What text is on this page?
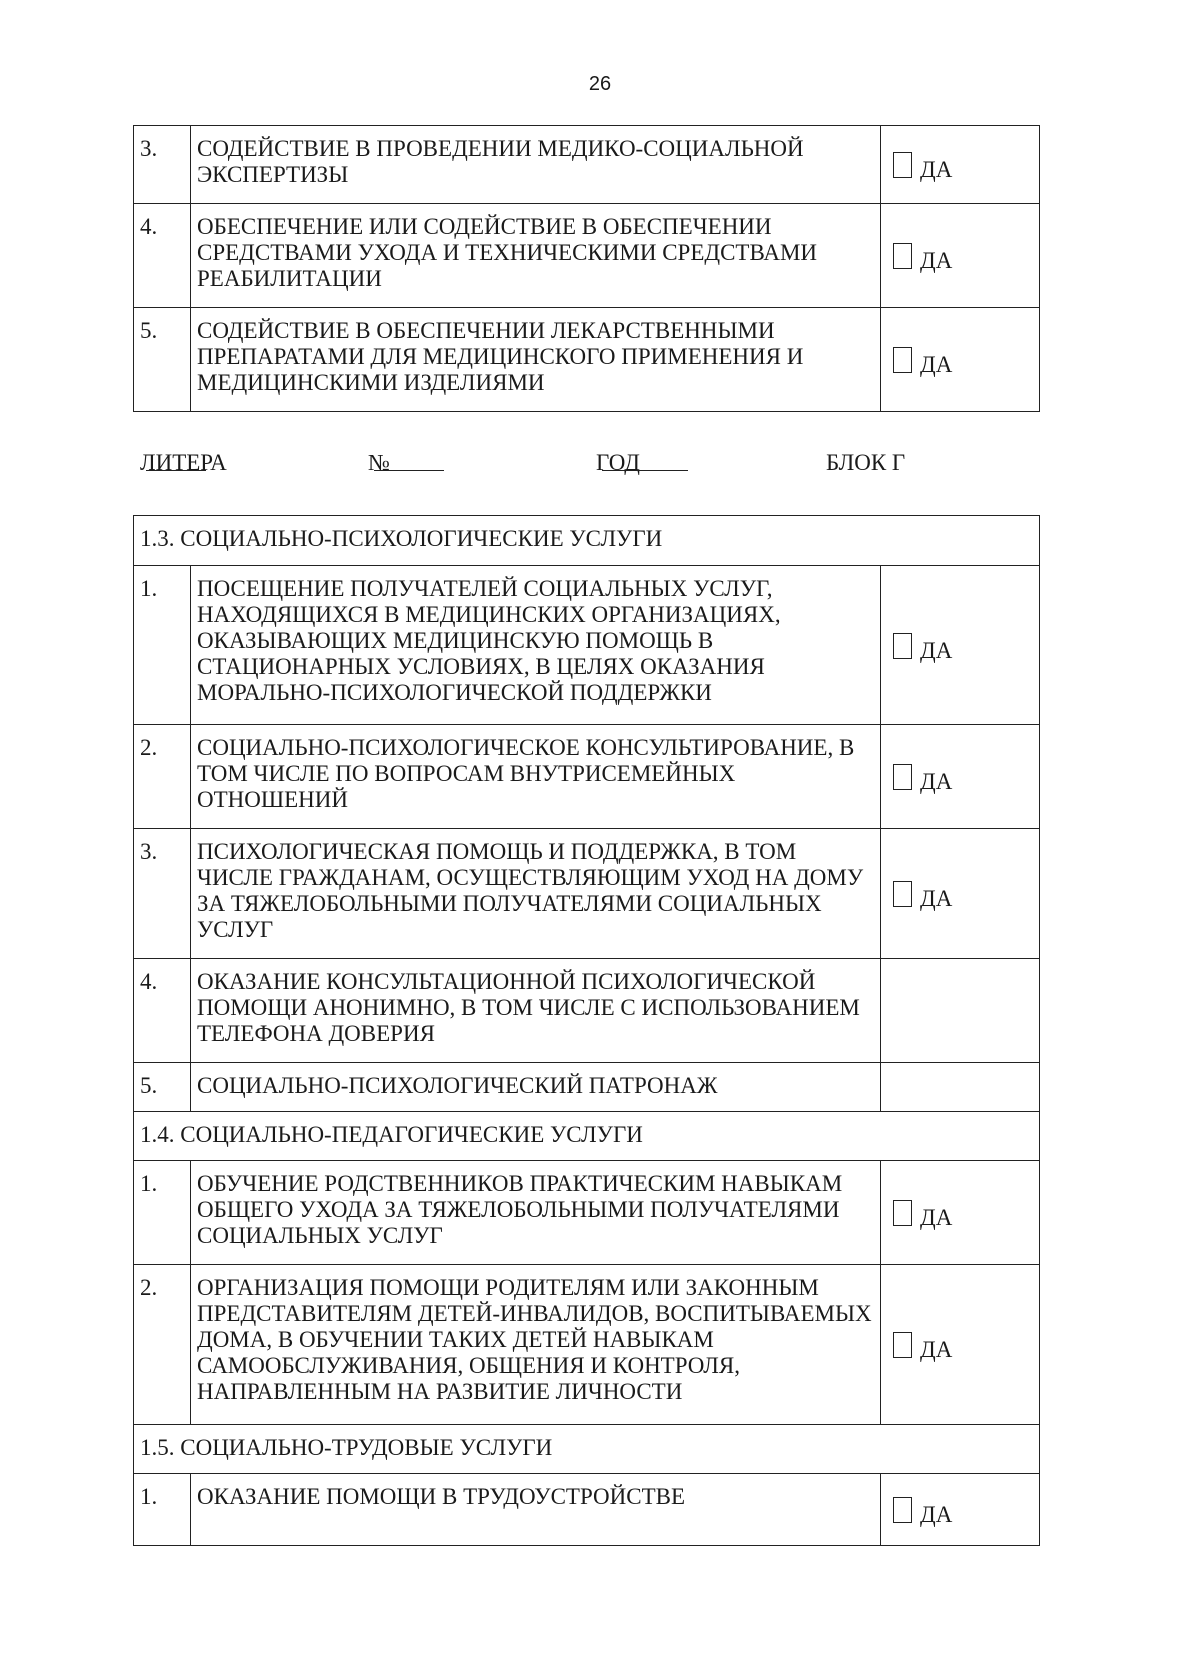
26
3.	СОДЕЙСТВИЕ В ПРОВЕДЕНИИ МЕДИКО-СОЦИАЛЬНОЙ ЭКСПЕРТИЗЫ	ДА
4.	ОБЕСПЕЧЕНИЕ ИЛИ СОДЕЙСТВИЕ В ОБЕСПЕЧЕНИИ СРЕДСТВАМИ УХОДА И ТЕХНИЧЕСКИМИ СРЕДСТВАМИ РЕАБИЛИТАЦИИ	ДА
5.	СОДЕЙСТВИЕ В ОБЕСПЕЧЕНИИ ЛЕКАРСТВЕННЫМИ ПРЕПАРАТАМИ ДЛЯ МЕДИЦИНСКОГО ПРИМЕНЕНИЯ И МЕДИЦИНСКИМИ ИЗДЕЛИЯМИ	ДА
ЛИТЕРА
	№
	ГОД
	БЛОК Г
1.3. СОЦИАЛЬНО-ПСИХОЛОГИЧЕСКИЕ УСЛУГИ		
1.	ПОСЕЩЕНИЕ ПОЛУЧАТЕЛЕЙ СОЦИАЛЬНЫХ УСЛУГ, НАХОДЯЩИХСЯ В МЕДИЦИНСКИХ ОРГАНИЗАЦИЯХ, ОКАЗЫВАЮЩИХ МЕДИЦИНСКУЮ ПОМОЩЬ В СТАЦИОНАРНЫХ УСЛОВИЯХ, В ЦЕЛЯХ ОКАЗАНИЯ МОРАЛЬНО-ПСИХОЛОГИЧЕСКОЙ ПОДДЕРЖКИ	ДА
2.	СОЦИАЛЬНО-ПСИХОЛОГИЧЕСКОЕ КОНСУЛЬТИРОВАНИЕ, В ТОМ ЧИСЛЕ ПО ВОПРОСАМ ВНУТРИСЕМЕЙНЫХ ОТНОШЕНИЙ	ДА
3.	ПСИХОЛОГИЧЕСКАЯ ПОМОЩЬ И ПОДДЕРЖКА, В ТОМ ЧИСЛЕ ГРАЖДАНАМ, ОСУЩЕСТВЛЯЮЩИМ УХОД НА ДОМУ ЗА ТЯЖЕЛОБОЛЬНЫМИ ПОЛУЧАТЕЛЯМИ СОЦИАЛЬНЫХ УСЛУГ	ДА
4.	ОКАЗАНИЕ КОНСУЛЬТАЦИОННОЙ ПСИХОЛОГИЧЕСКОЙ ПОМОЩИ АНОНИМНО, В ТОМ ЧИСЛЕ С ИСПОЛЬЗОВАНИЕМ ТЕЛЕФОНА ДОВЕРИЯ	
5.	СОЦИАЛЬНО-ПСИХОЛОГИЧЕСКИЙ ПАТРОНАЖ	
1.4. СОЦИАЛЬНО-ПЕДАГОГИЧЕСКИЕ УСЛУГИ		
1.	ОБУЧЕНИЕ РОДСТВЕННИКОВ ПРАКТИЧЕСКИМ НАВЫКАМ ОБЩЕГО УХОДА ЗА ТЯЖЕЛОБОЛЬНЫМИ ПОЛУЧАТЕЛЯМИ СОЦИАЛЬНЫХ УСЛУГ	ДА
2.	ОРГАНИЗАЦИЯ ПОМОЩИ РОДИТЕЛЯМ ИЛИ ЗАКОННЫМ ПРЕДСТАВИТЕЛЯМ ДЕТЕЙ-ИНВАЛИДОВ, ВОСПИТЫВАЕМЫХ ДОМА, В ОБУЧЕНИИ ТАКИХ ДЕТЕЙ НАВЫКАМ САМООБСЛУЖИВАНИЯ, ОБЩЕНИЯ И КОНТРОЛЯ, НАПРАВЛЕННЫМ НА РАЗВИТИЕ ЛИЧНОСТИ	ДА
1.5. СОЦИАЛЬНО-ТРУДОВЫЕ УСЛУГИ		
1.	ОКАЗАНИЕ ПОМОЩИ В ТРУДОУСТРОЙСТВЕ	ДА
